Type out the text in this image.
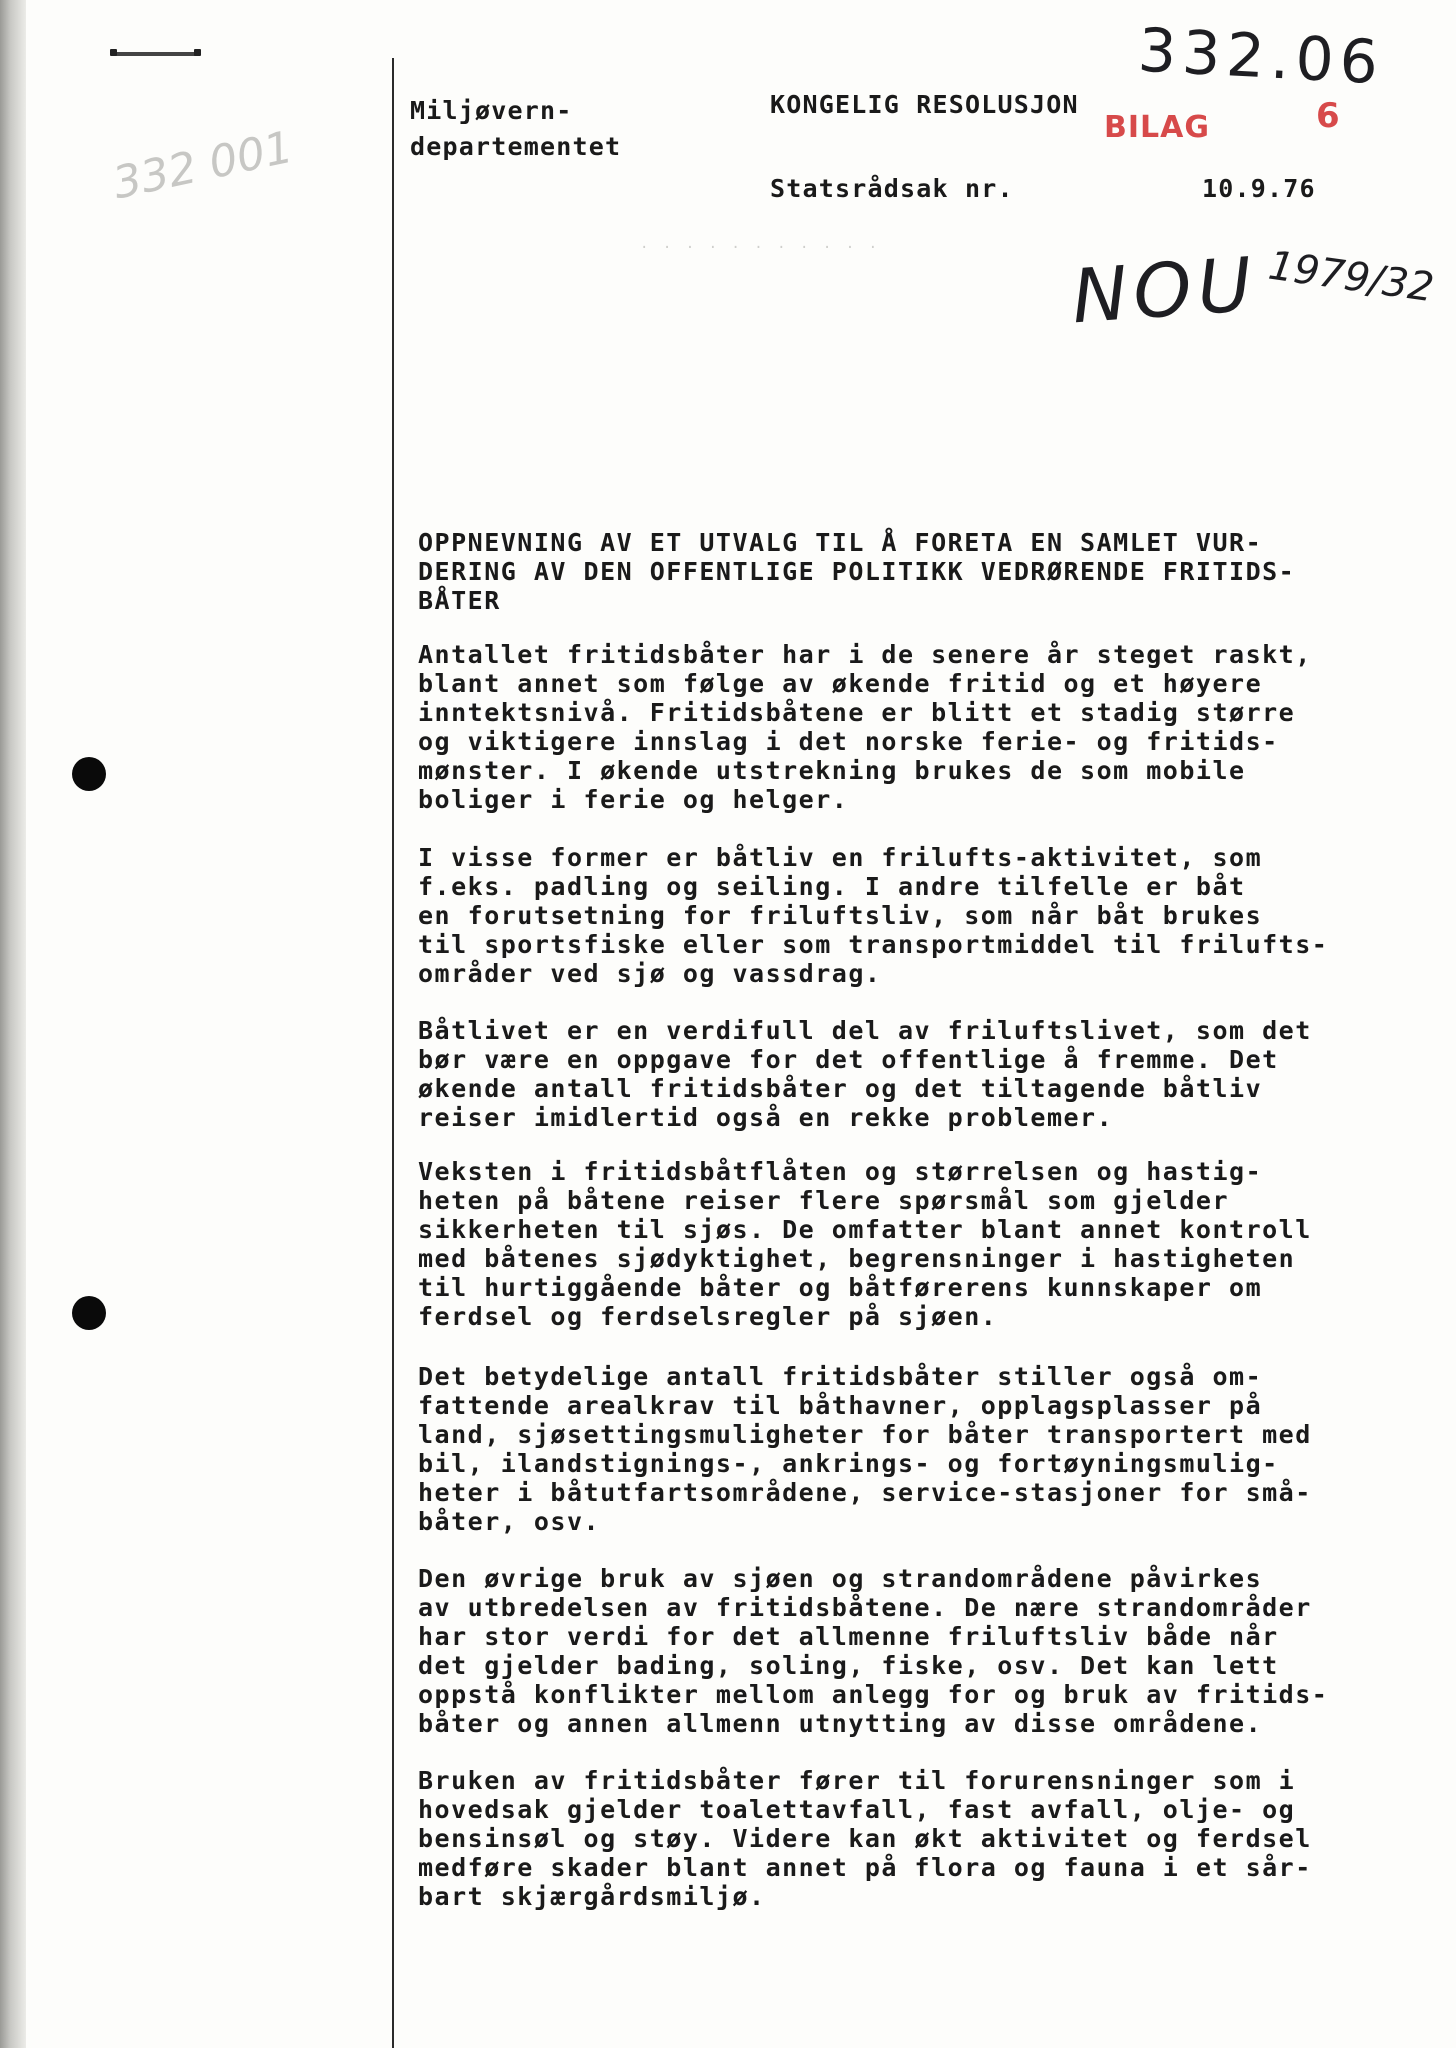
332 001
Miljøvern-
departementet
KONGELIG RESOLUSJON
Statsrådsak nr.	10.9.76
. . . . . . . . . . .
332.06
BILAG	6
NOU 1979/32

OPPNEVNING AV ET UTVALG TIL Å FORETA EN SAMLET VUR-
DERING AV DEN OFFENTLIGE POLITIKK VEDRØRENDE FRITIDS-
BÅTER

Antallet fritidsbåter har i de senere år steget raskt,
blant annet som følge av økende fritid og et høyere
inntektsnivå. Fritidsbåtene er blitt et stadig større
og viktigere innslag i det norske ferie- og fritids-
mønster. I økende utstrekning brukes de som mobile
boliger i ferie og helger.

I visse former er båtliv en frilufts-aktivitet, som
f.eks. padling og seiling. I andre tilfelle er båt
en forutsetning for friluftsliv, som når båt brukes
til sportsfiske eller som transportmiddel til frilufts-
områder ved sjø og vassdrag.

Båtlivet er en verdifull del av friluftslivet, som det
bør være en oppgave for det offentlige å fremme. Det
økende antall fritidsbåter og det tiltagende båtliv
reiser imidlertid også en rekke problemer.

Veksten i fritidsbåtflåten og størrelsen og hastig-
heten på båtene reiser flere spørsmål som gjelder
sikkerheten til sjøs. De omfatter blant annet kontroll
med båtenes sjødyktighet, begrensninger i hastigheten
til hurtiggående båter og båtførerens kunnskaper om
ferdsel og ferdselsregler på sjøen.

Det betydelige antall fritidsbåter stiller også om-
fattende arealkrav til båthavner, opplagsplasser på
land, sjøsettingsmuligheter for båter transportert med
bil, ilandstignings-, ankrings- og fortøyningsmulig-
heter i båtutfartsområdene, service-stasjoner for små-
båter, osv.

Den øvrige bruk av sjøen og strandområdene påvirkes
av utbredelsen av fritidsbåtene. De nære strandområder
har stor verdi for det allmenne friluftsliv både når
det gjelder bading, soling, fiske, osv. Det kan lett
oppstå konflikter mellom anlegg for og bruk av fritids-
båter og annen allmenn utnytting av disse områdene.

Bruken av fritidsbåter fører til forurensninger som i
hovedsak gjelder toalettavfall, fast avfall, olje- og
bensinsøl og støy. Videre kan økt aktivitet og ferdsel
medføre skader blant annet på flora og fauna i et sår-
bart skjærgårdsmiljø.
